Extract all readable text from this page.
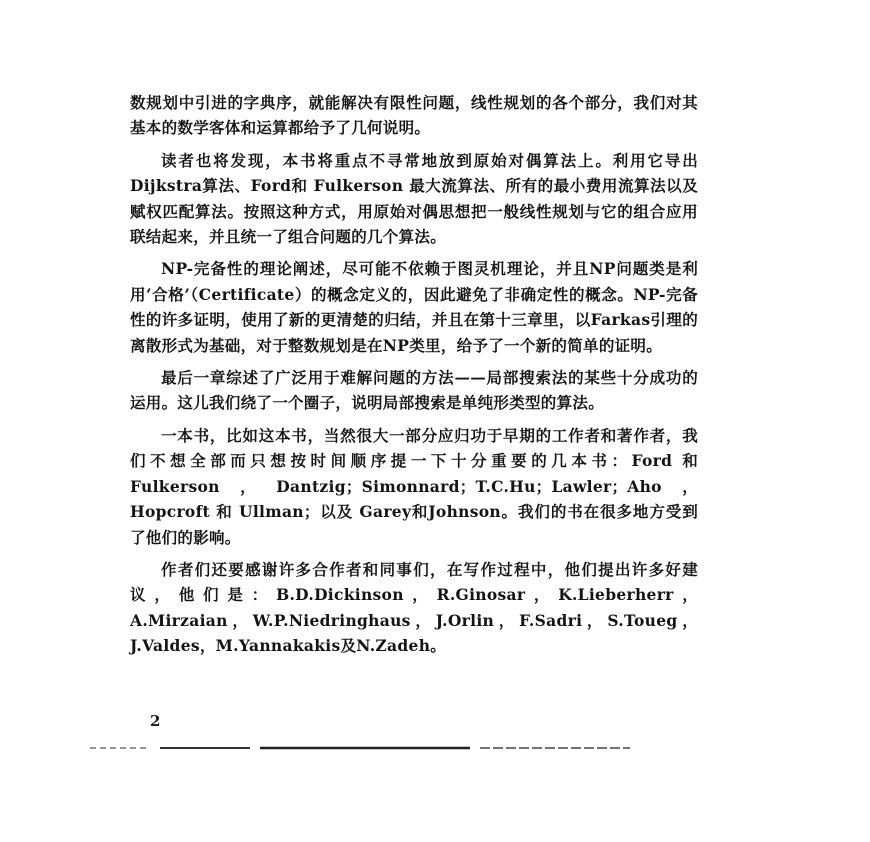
数规划中引进的字典序，就能解决有限性问题，线性规划的各个部分，我们对其基本的数学客体和运算都给予了几何说明。

读者也将发现，本书将重点不寻常地放到原始对偶算法上。利用它导出Dijkstra算法、Ford和 Fulkerson 最大流算法、所有的最小费用流算法以及赋权匹配算法。按照这种方式，用原始对偶思想把一般线性规划与它的组合应用联结起来，并且统一了组合问题的几个算法。

NP-完备性的理论阐述，尽可能不依赖于图灵机理论，并且NP问题类是利用‘合格’（Certificate）的概念定义的，因此避免了非确定性的概念。NP-完备性的许多证明，使用了新的更清楚的归结，并且在第十三章里，以Farkas引理的离散形式为基础，对于整数规划是在NP类里，给予了一个新的简单的证明。

最后一章综述了广泛用于难解问题的方法——局部搜索法的某些十分成功的运用。这儿我们绕了一个圈子，说明局部搜索是单纯形类型的算法。

一本书，比如这本书，当然很大一部分应归功于早期的工作者和著作者，我们不想全部而只想按时间顺序提一下十分重要的几本书：Ford 和 Fulkerson，Dantzig；Simonnard；T.C.Hu；Lawler；Aho，Hopcroft 和 Ullman；以及 Garey和Johnson。我们的书在很多地方受到了他们的影响。

作者们还要感谢许多合作者和同事们，在写作过程中，他们提出许多好建议，他们是：B.D.Dickinson，R.Ginosar，K.Lieberherr，A.Mirzaian，W.P.Niedringhaus，J.Orlin，F.Sadri，S.Toueg，J.Valdes，M.Yannakakis及N.Zadeh。

2
